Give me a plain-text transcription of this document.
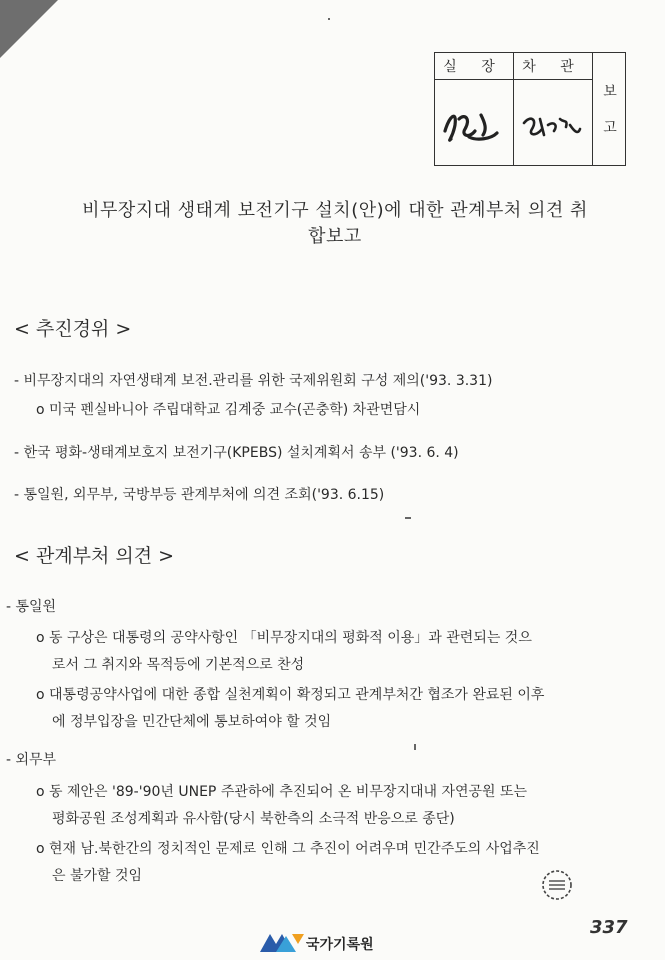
실 장	차 관
보
고
비무장지대 생태계 보전기구 설치(안)에 대한 관계부처 의견 취합보고
< 추진경위 >
- 비무장지대의 자연생태계 보전.관리를 위한 국제위원회 구성 제의('93. 3.31)
o 미국 펜실바니아 주립대학교 김계중 교수(곤충학) 차관면담시
- 한국 평화-생태계보호지 보전기구(KPEBS) 설치계획서 송부 ('93. 6. 4)
- 통일원, 외무부, 국방부등 관계부처에 의견 조회('93. 6.15)
< 관계부처 의견 >
- 통일원
o 동 구상은 대통령의 공약사항인 「비무장지대의 평화적 이용」과 관련되는 것으
로서 그 취지와 목적등에 기본적으로 찬성
o 대통령공약사업에 대한 종합 실천계획이 확정되고 관계부처간 협조가 완료된 이후
에 정부입장을 민간단체에 통보하여야 할 것임
- 외무부
o 동 제안은 '89-'90년 UNEP 주관하에 추진되어 온 비무장지대내 자연공원 또는
평화공원 조성계획과 유사함(당시 북한측의 소극적 반응으로 종단)
o 현재 남.북한간의 정치적인 문제로 인해 그 추진이 어려우며 민간주도의 사업추진
은 불가할 것임
국가기록원
337
